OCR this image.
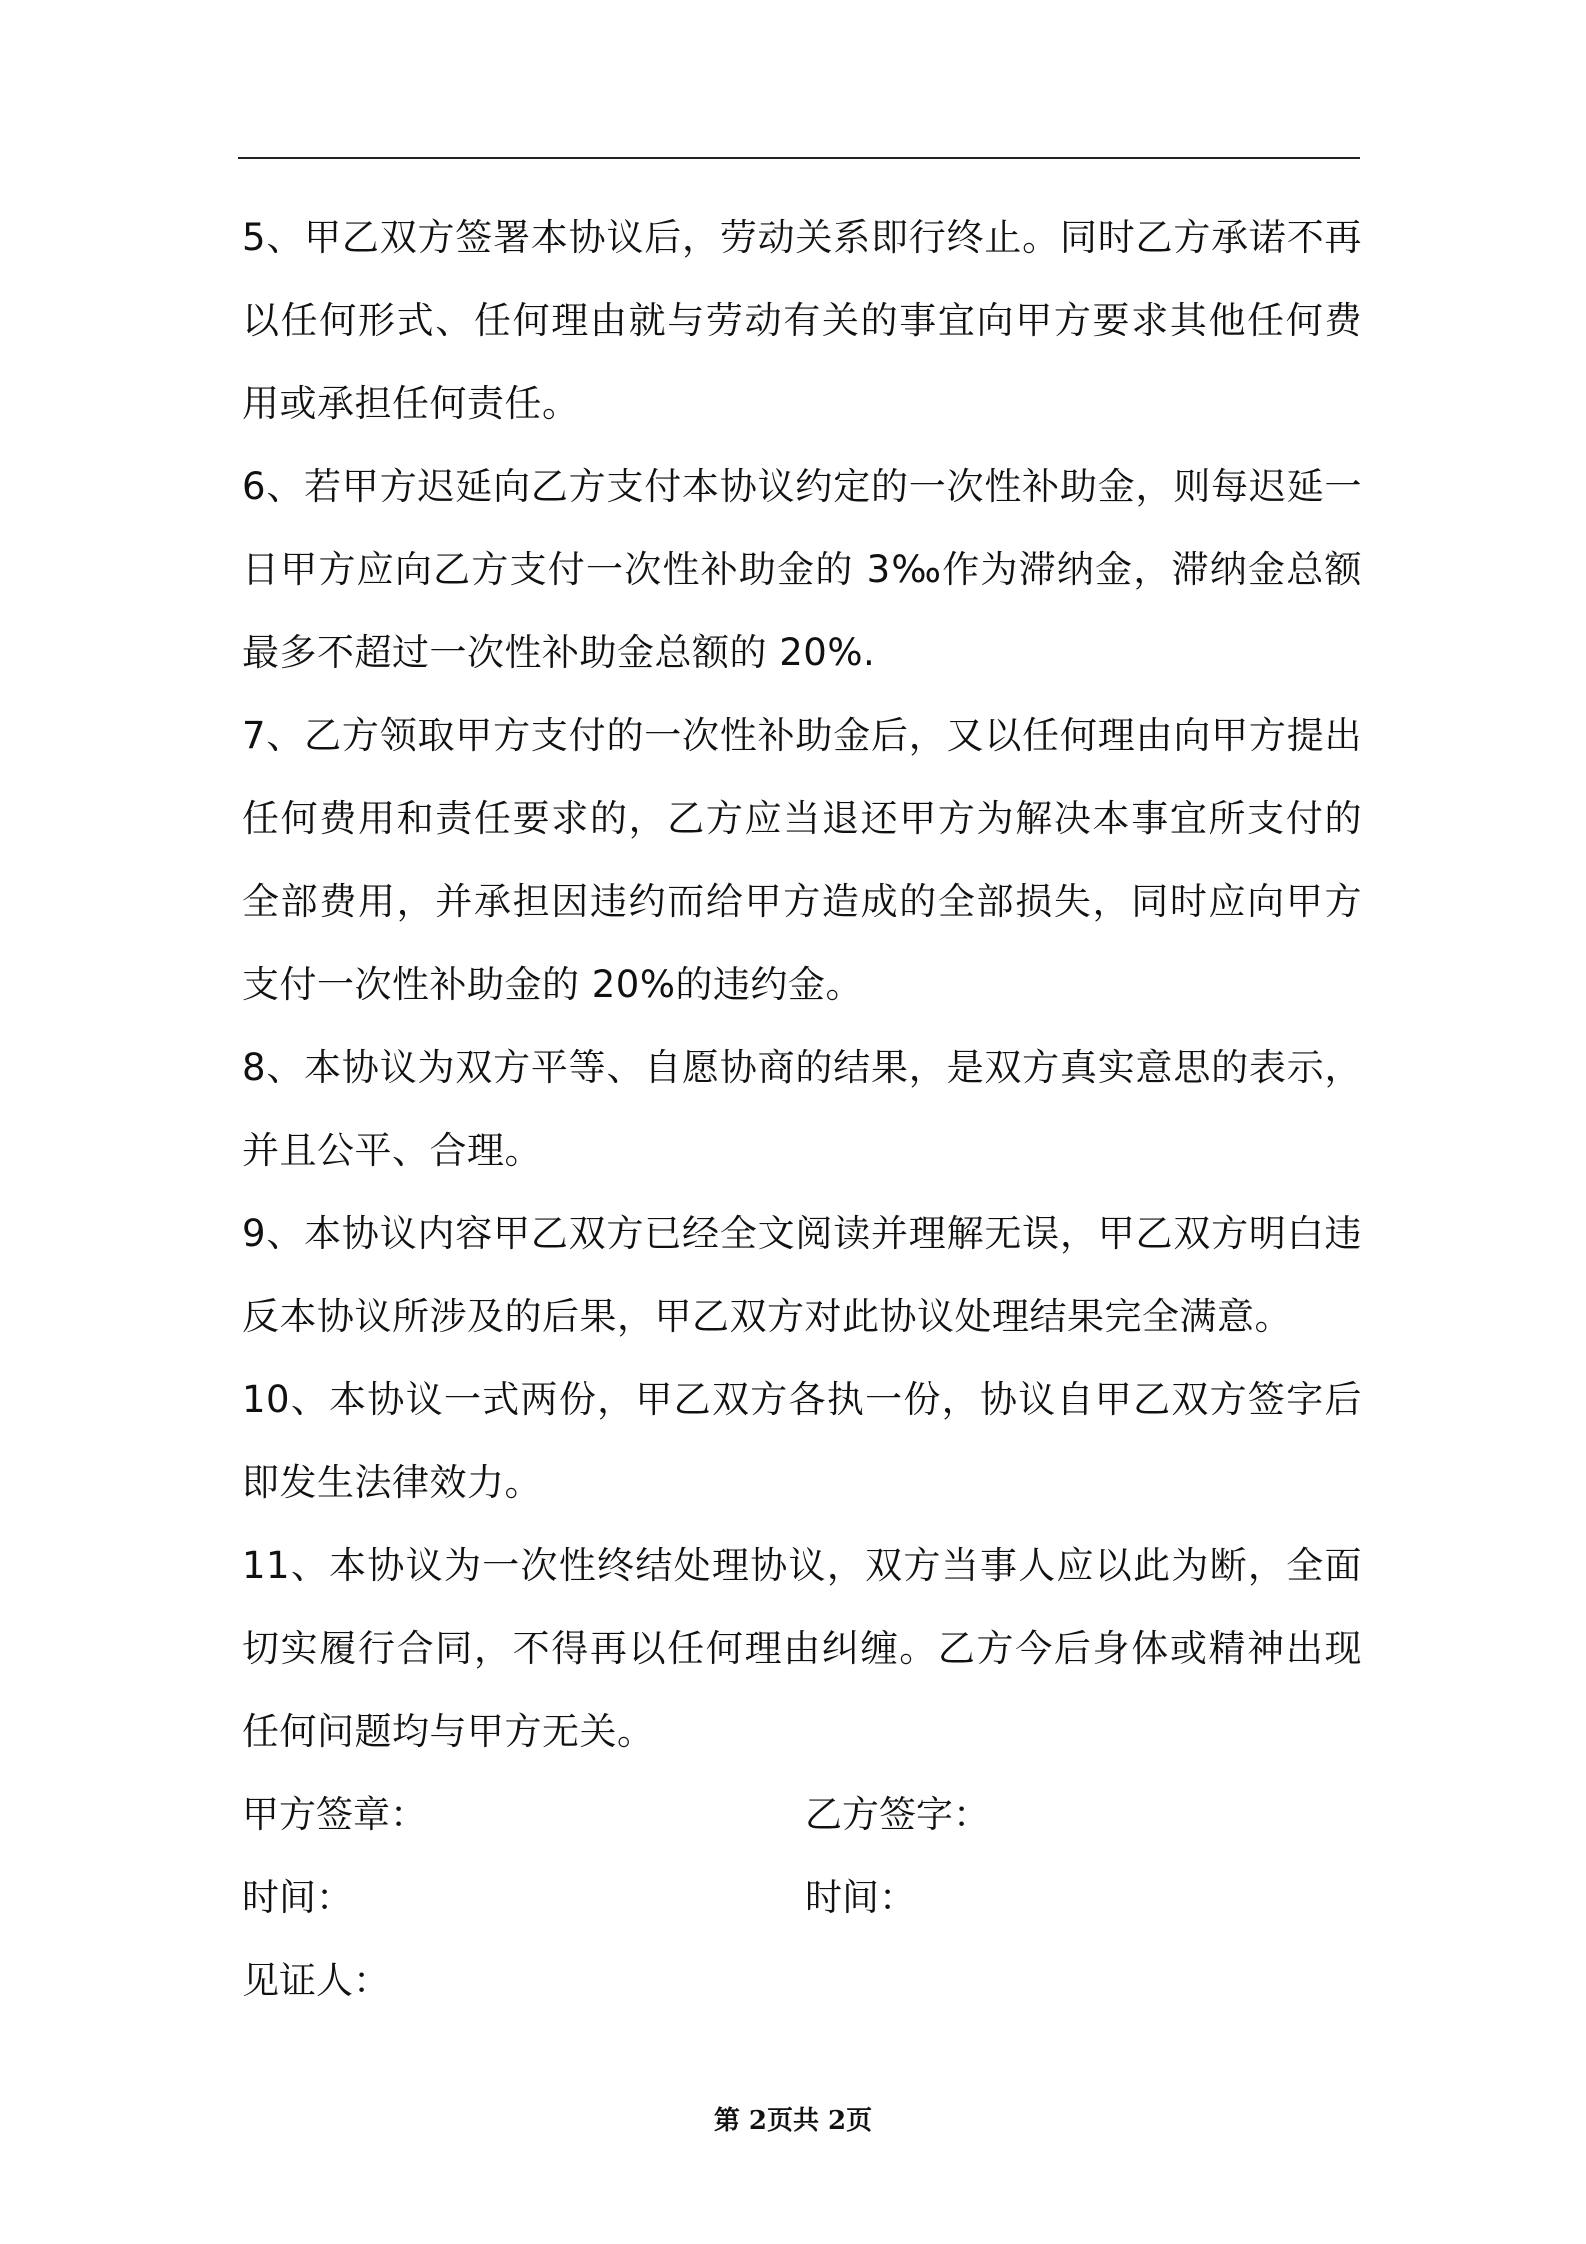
5、甲乙双方签署本协议后，劳动关系即行终止。同时乙方承诺不再以任何形式、任何理由就与劳动有关的事宜向甲方要求其他任何费用或承担任何责任。

6、若甲方迟延向乙方支付本协议约定的一次性补助金，则每迟延一日甲方应向乙方支付一次性补助金的 3‰作为滞纳金，滞纳金总额最多不超过一次性补助金总额的 20%.

7、乙方领取甲方支付的一次性补助金后，又以任何理由向甲方提出任何费用和责任要求的，乙方应当退还甲方为解决本事宜所支付的全部费用，并承担因违约而给甲方造成的全部损失，同时应向甲方支付一次性补助金的 20%的违约金。

8、本协议为双方平等、自愿协商的结果，是双方真实意思的表示，并且公平、合理。

9、本协议内容甲乙双方已经全文阅读并理解无误，甲乙双方明白违反本协议所涉及的后果，甲乙双方对此协议处理结果完全满意。

10、本协议一式两份，甲乙双方各执一份，协议自甲乙双方签字后即发生法律效力。

11、本协议为一次性终结处理协议，双方当事人应以此为断，全面切实履行合同，不得再以任何理由纠缠。乙方今后身体或精神出现任何问题均与甲方无关。

甲方签章：	乙方签字：
时间：	时间：
见证人：
第 2页共 2页
